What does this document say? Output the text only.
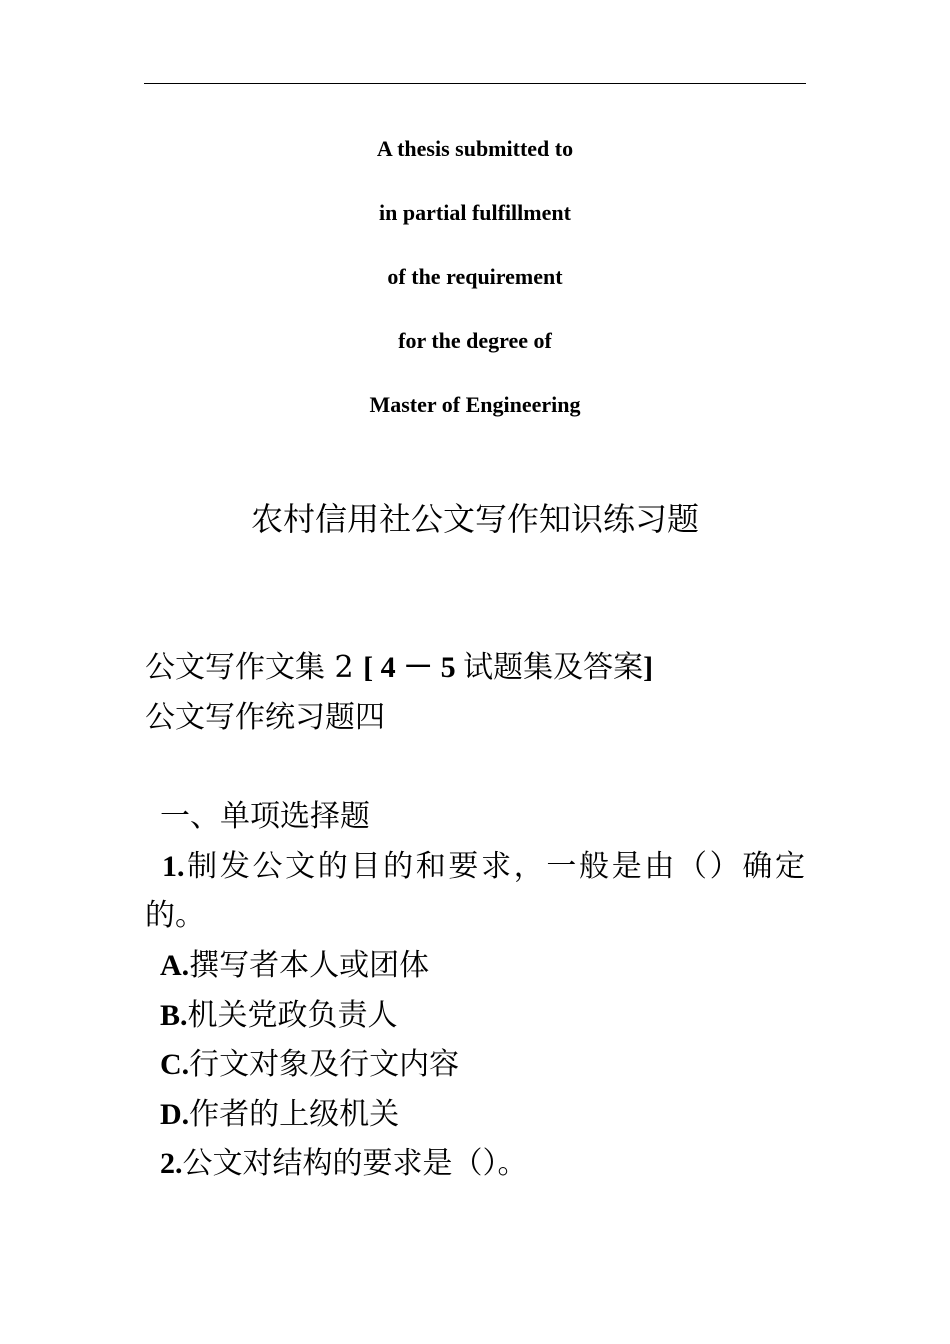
A thesis submitted to
in partial fulfillment
of the requirement
for the degree of
Master of Engineering
农村信用社公文写作知识练习题
公文写作文集 2 [ 4 － 5 试题集及答案]
公文写作统习题四
一、单项选择题
1.制发公文的目的和要求，一般是由（）确定
的。
A.撰写者本人或团体
B.机关党政负责人
C.行文对象及行文内容
D.作者的上级机关
2.公文对结构的要求是（）。
